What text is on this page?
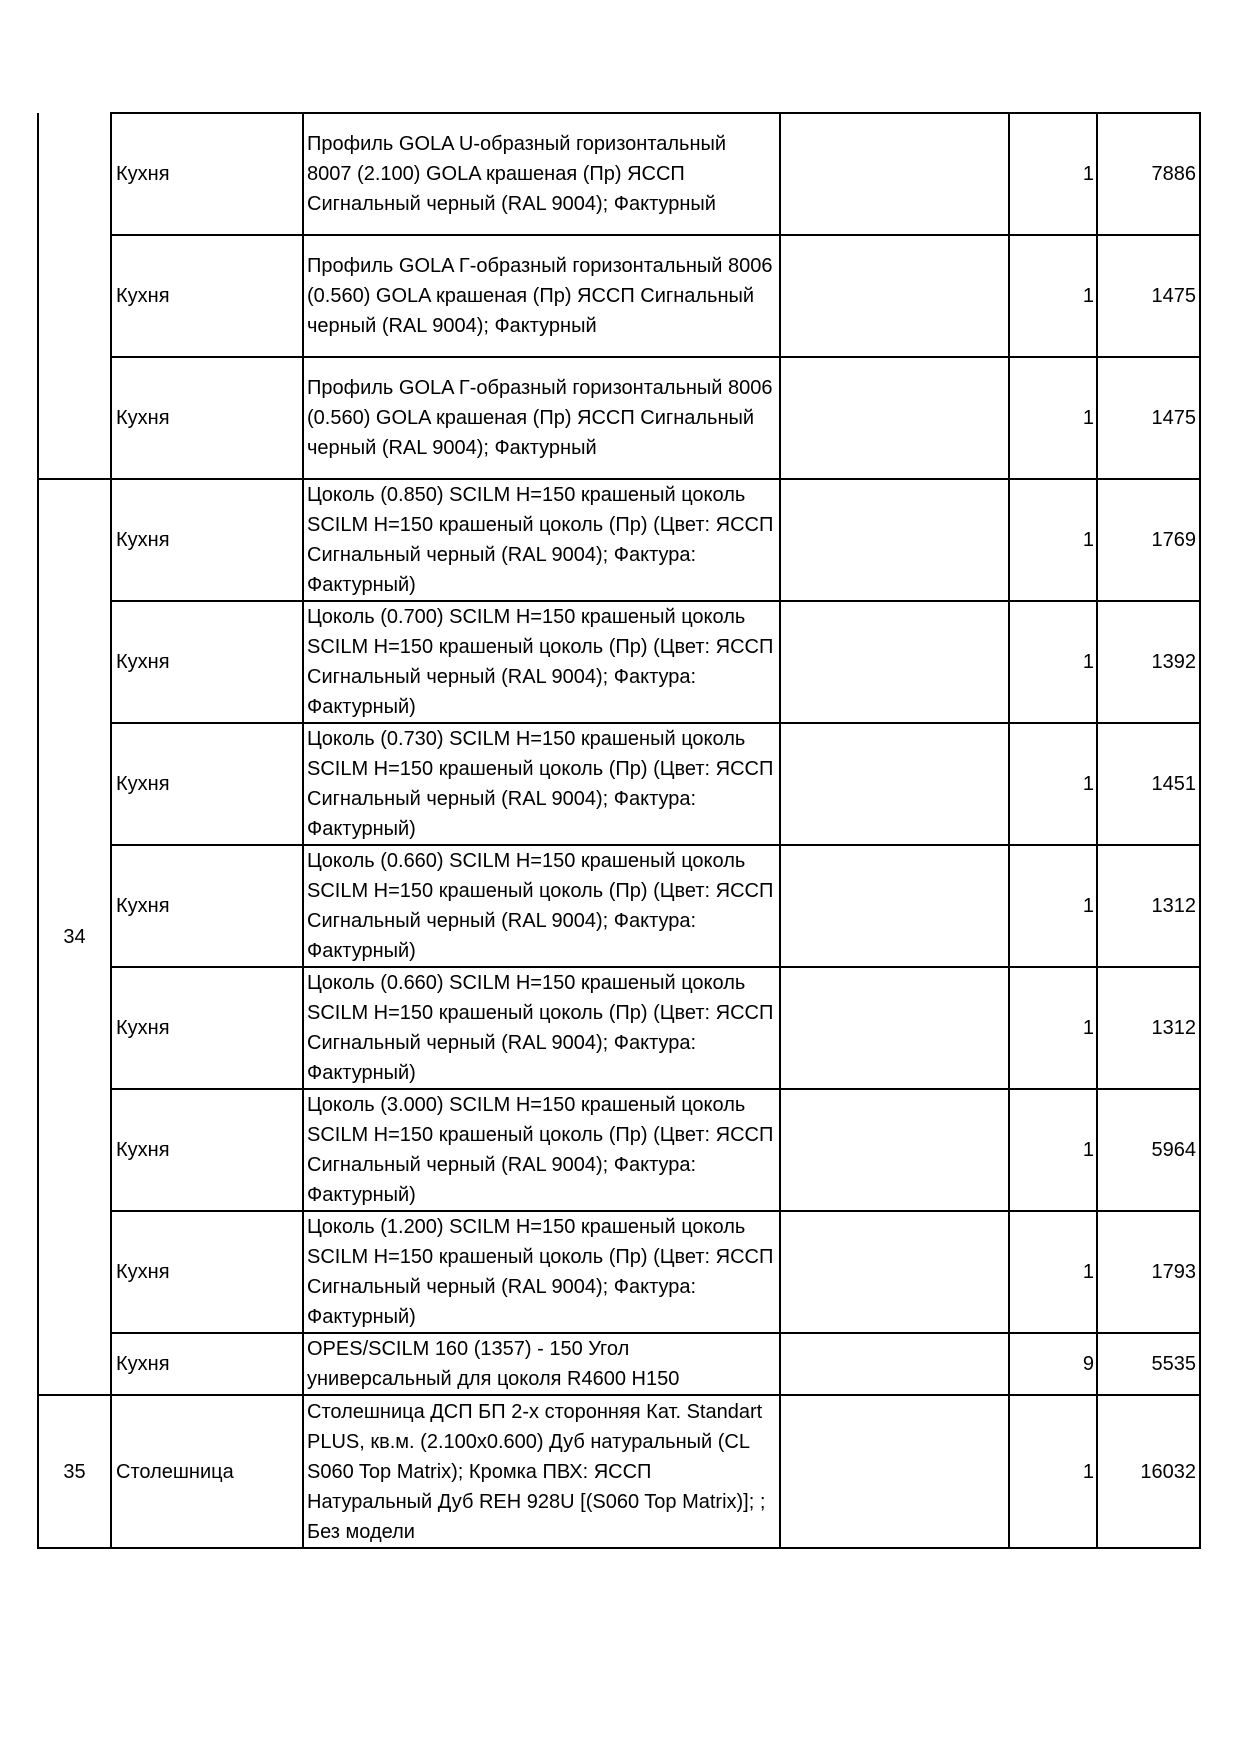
	Кухня	Профиль GOLA U-образный горизонтальный 8007 (2.100) GOLA крашеная (Пр) ЯССП Сигнальный черный (RAL 9004); Фактурный		1	7886
	Кухня	Профиль GOLA Г-образный горизонтальный 8006 (0.560) GOLA крашеная (Пр) ЯССП Сигнальный черный (RAL 9004); Фактурный		1	1475
	Кухня	Профиль GOLA Г-образный горизонтальный 8006 (0.560) GOLA крашеная (Пр) ЯССП Сигнальный черный (RAL 9004); Фактурный		1	1475
34	Кухня	Цоколь (0.850) SCILM H=150 крашеный цоколь SCILM H=150 крашеный цоколь (Пр) (Цвет: ЯССП Сигнальный черный (RAL 9004); Фактура: Фактурный)		1	1769
	Кухня	Цоколь (0.700) SCILM H=150 крашеный цоколь SCILM H=150 крашеный цоколь (Пр) (Цвет: ЯССП Сигнальный черный (RAL 9004); Фактура: Фактурный)		1	1392
	Кухня	Цоколь (0.730) SCILM H=150 крашеный цоколь SCILM H=150 крашеный цоколь (Пр) (Цвет: ЯССП Сигнальный черный (RAL 9004); Фактура: Фактурный)		1	1451
	Кухня	Цоколь (0.660) SCILM H=150 крашеный цоколь SCILM H=150 крашеный цоколь (Пр) (Цвет: ЯССП Сигнальный черный (RAL 9004); Фактура: Фактурный)		1	1312
	Кухня	Цоколь (0.660) SCILM H=150 крашеный цоколь SCILM H=150 крашеный цоколь (Пр) (Цвет: ЯССП Сигнальный черный (RAL 9004); Фактура: Фактурный)		1	1312
	Кухня	Цоколь (3.000) SCILM H=150 крашеный цоколь SCILM H=150 крашеный цоколь (Пр) (Цвет: ЯССП Сигнальный черный (RAL 9004); Фактура: Фактурный)		1	5964
	Кухня	Цоколь (1.200) SCILM H=150 крашеный цоколь SCILM H=150 крашеный цоколь (Пр) (Цвет: ЯССП Сигнальный черный (RAL 9004); Фактура: Фактурный)		1	1793
	Кухня	OPES/SCILM 160 (1357) - 150 Угол универсальный для цоколя R4600 H150		9	5535
35	Столешница	Столешница ДСП БП 2-х сторонняя Кат. Standart PLUS, кв.м. (2.100x0.600) Дуб натуральный (CL S060 Top Matrix); Кромка ПВХ: ЯССП Натуральный Дуб REH 928U [(S060 Top Matrix)]; ; Без модели		1	16032
